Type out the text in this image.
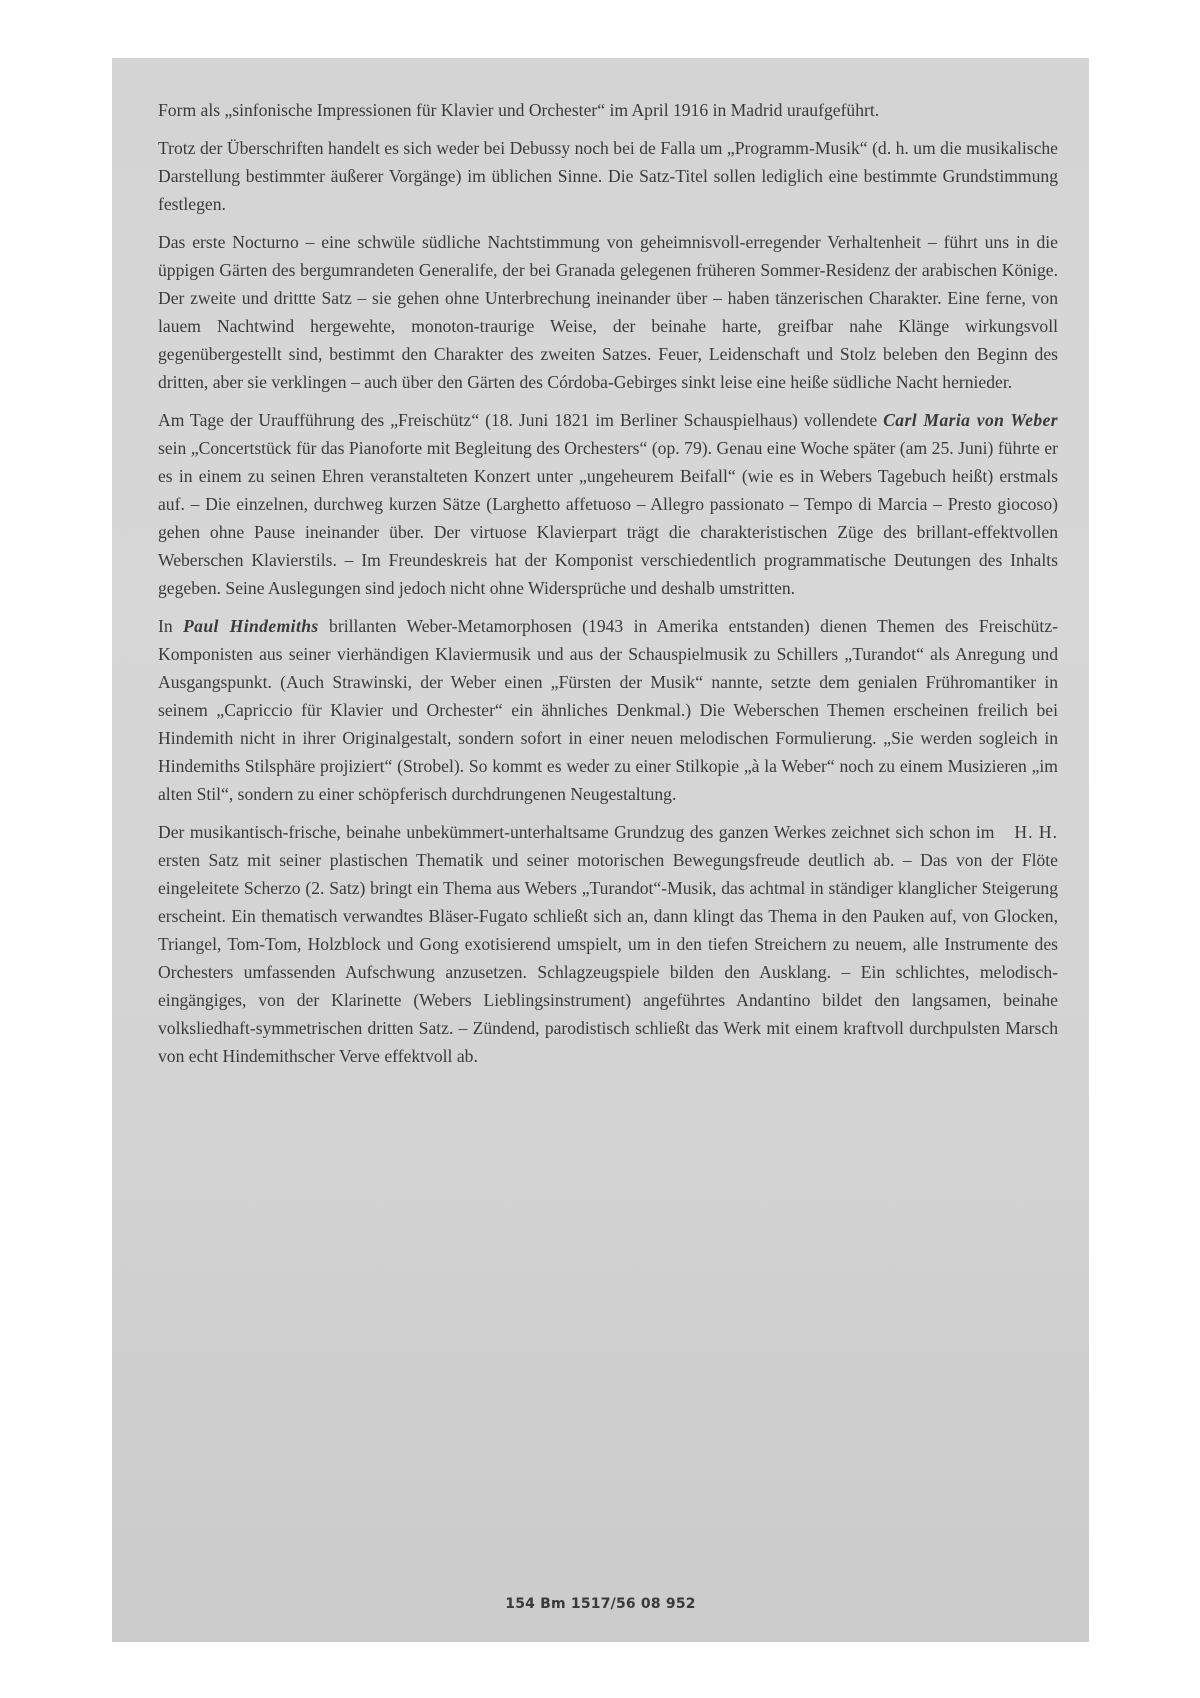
Form als „sinfonische Impressionen für Klavier und Orchester“ im April 1916 in Madrid uraufgeführt.

Trotz der Überschriften handelt es sich weder bei Debussy noch bei de Falla um „Programm-Musik“ (d. h. um die musikalische Darstellung bestimmter äußerer Vorgänge) im üblichen Sinne. Die Satz-Titel sollen lediglich eine bestimmte Grundstimmung festlegen.

Das erste Nocturno – eine schwüle südliche Nachtstimmung von geheimnisvoll-erregender Verhaltenheit – führt uns in die üppigen Gärten des bergumrandeten Generalife, der bei Granada gelegenen früheren Sommer-Residenz der arabischen Könige. Der zweite und drittte Satz – sie gehen ohne Unterbrechung ineinander über – haben tänzerischen Charakter. Eine ferne, von lauem Nachtwind hergewehte, monoton-traurige Weise, der beinahe harte, greifbar nahe Klänge wirkungsvoll gegenübergestellt sind, bestimmt den Charakter des zweiten Satzes. Feuer, Leidenschaft und Stolz beleben den Beginn des dritten, aber sie verklingen – auch über den Gärten des Córdoba-Gebirges sinkt leise eine heiße südliche Nacht hernieder.

Am Tage der Uraufführung des „Freischütz“ (18. Juni 1821 im Berliner Schauspielhaus) vollendete Carl Maria von Weber sein „Concertstück für das Pianoforte mit Begleitung des Orchesters“ (op. 79). Genau eine Woche später (am 25. Juni) führte er es in einem zu seinen Ehren veranstalteten Konzert unter „ungeheurem Beifall“ (wie es in Webers Tagebuch heißt) erstmals auf. – Die einzelnen, durchweg kurzen Sätze (Larghetto affetuoso – Allegro passionato – Tempo di Marcia – Presto giocoso) gehen ohne Pause ineinander über. Der virtuose Klavierpart trägt die charakteristischen Züge des brillant-effektvollen Weberschen Klavierstils. – Im Freundeskreis hat der Komponist verschiedentlich programmatische Deutungen des Inhalts gegeben. Seine Auslegungen sind jedoch nicht ohne Widersprüche und deshalb umstritten.

In Paul Hindemiths brillanten Weber-Metamorphosen (1943 in Amerika entstanden) dienen Themen des Freischütz-Komponisten aus seiner vierhändigen Klaviermusik und aus der Schauspielmusik zu Schillers „Turandot“ als Anregung und Ausgangspunkt. (Auch Strawinski, der Weber einen „Fürsten der Musik“ nannte, setzte dem genialen Frühromantiker in seinem „Capriccio für Klavier und Orchester“ ein ähnliches Denkmal.) Die Weberschen Themen erscheinen freilich bei Hindemith nicht in ihrer Originalgestalt, sondern sofort in einer neuen melodischen Formulierung. „Sie werden sogleich in Hindemiths Stilsphäre projiziert“ (Strobel). So kommt es weder zu einer Stilkopie „à la Weber“ noch zu einem Musizieren „im alten Stil“, sondern zu einer schöpferisch durchdrungenen Neugestaltung.

H. H.
Der musikantisch-frische, beinahe unbekümmert-unterhaltsame Grundzug des ganzen Werkes zeichnet sich schon im ersten Satz mit seiner plastischen Thematik und seiner motorischen Bewegungsfreude deutlich ab. – Das von der Flöte eingeleitete Scherzo (2. Satz) bringt ein Thema aus Webers „Turandot“-Musik, das achtmal in ständiger klanglicher Steigerung erscheint. Ein thematisch verwandtes Bläser-Fugato schließt sich an, dann klingt das Thema in den Pauken auf, von Glocken, Triangel, Tom-Tom, Holzblock und Gong exotisierend umspielt, um in den tiefen Streichern zu neuem, alle Instrumente des Orchesters umfassenden Aufschwung anzusetzen. Schlagzeugspiele bilden den Ausklang. – Ein schlichtes, melodisch-eingängiges, von der Klarinette (Webers Lieblingsinstrument) angeführtes Andantino bildet den langsamen, beinahe volksliedhaft-symmetrischen dritten Satz. – Zündend, parodistisch schließt das Werk mit einem kraftvoll durchpulsten Marsch von echt Hindemithscher Verve effektvoll ab.

154 Bm 1517/56 08 952
